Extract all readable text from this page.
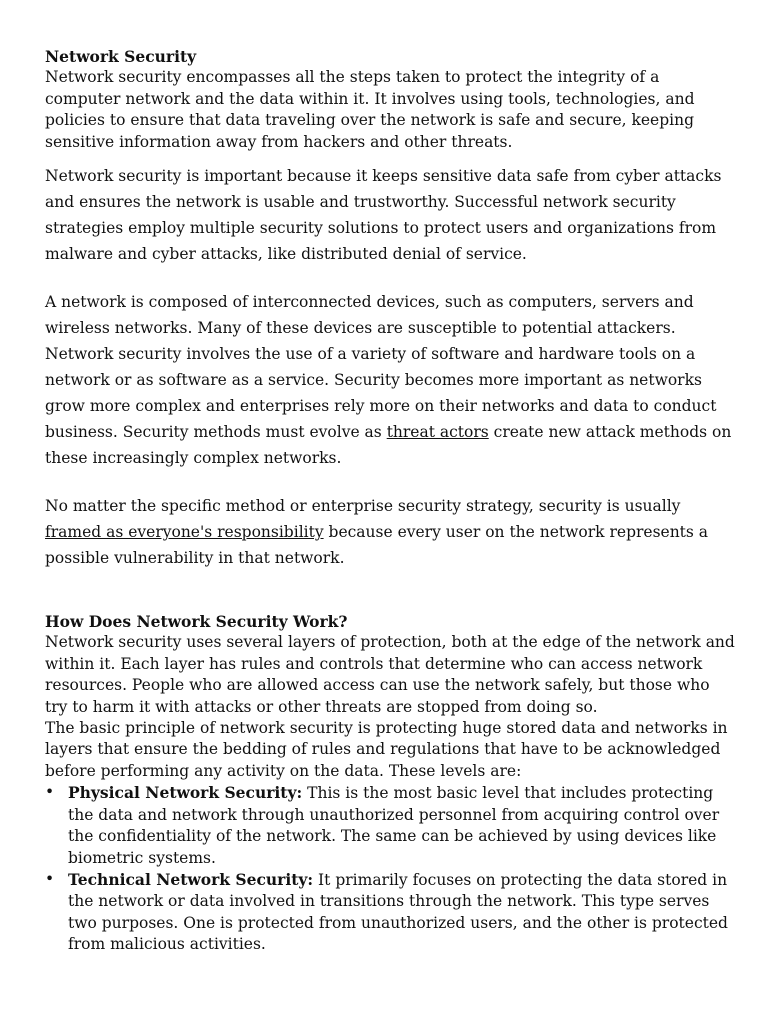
Network Security

Network security encompasses all the steps taken to protect the integrity of a computer network and the data within it. It involves using tools, technologies, and policies to ensure that data traveling over the network is safe and secure, keeping sensitive information away from hackers and other threats.

Network security is important because it keeps sensitive data safe from cyber attacks and ensures the network is usable and trustworthy. Successful network security strategies employ multiple security solutions to protect users and organizations from malware and cyber attacks, like distributed denial of service.

A network is composed of interconnected devices, such as computers, servers and wireless networks. Many of these devices are susceptible to potential attackers. Network security involves the use of a variety of software and hardware tools on a network or as software as a service. Security becomes more important as networks grow more complex and enterprises rely more on their networks and data to conduct business. Security methods must evolve as threat actors create new attack methods on these increasingly complex networks.

No matter the specific method or enterprise security strategy, security is usually framed as everyone's responsibility because every user on the network represents a possible vulnerability in that network.

How Does Network Security Work?

Network security uses several layers of protection, both at the edge of the network and within it. Each layer has rules and controls that determine who can access network resources. People who are allowed access can use the network safely, but those who try to harm it with attacks or other threats are stopped from doing so.

The basic principle of network security is protecting huge stored data and networks in layers that ensure the bedding of rules and regulations that have to be acknowledged before performing any activity on the data. These levels are:

• Physical Network Security: This is the most basic level that includes protecting the data and network through unauthorized personnel from acquiring control over the confidentiality of the network. The same can be achieved by using devices like biometric systems.
• Technical Network Security: It primarily focuses on protecting the data stored in the network or data involved in transitions through the network. This type serves two purposes. One is protected from unauthorized users, and the other is protected from malicious activities.
